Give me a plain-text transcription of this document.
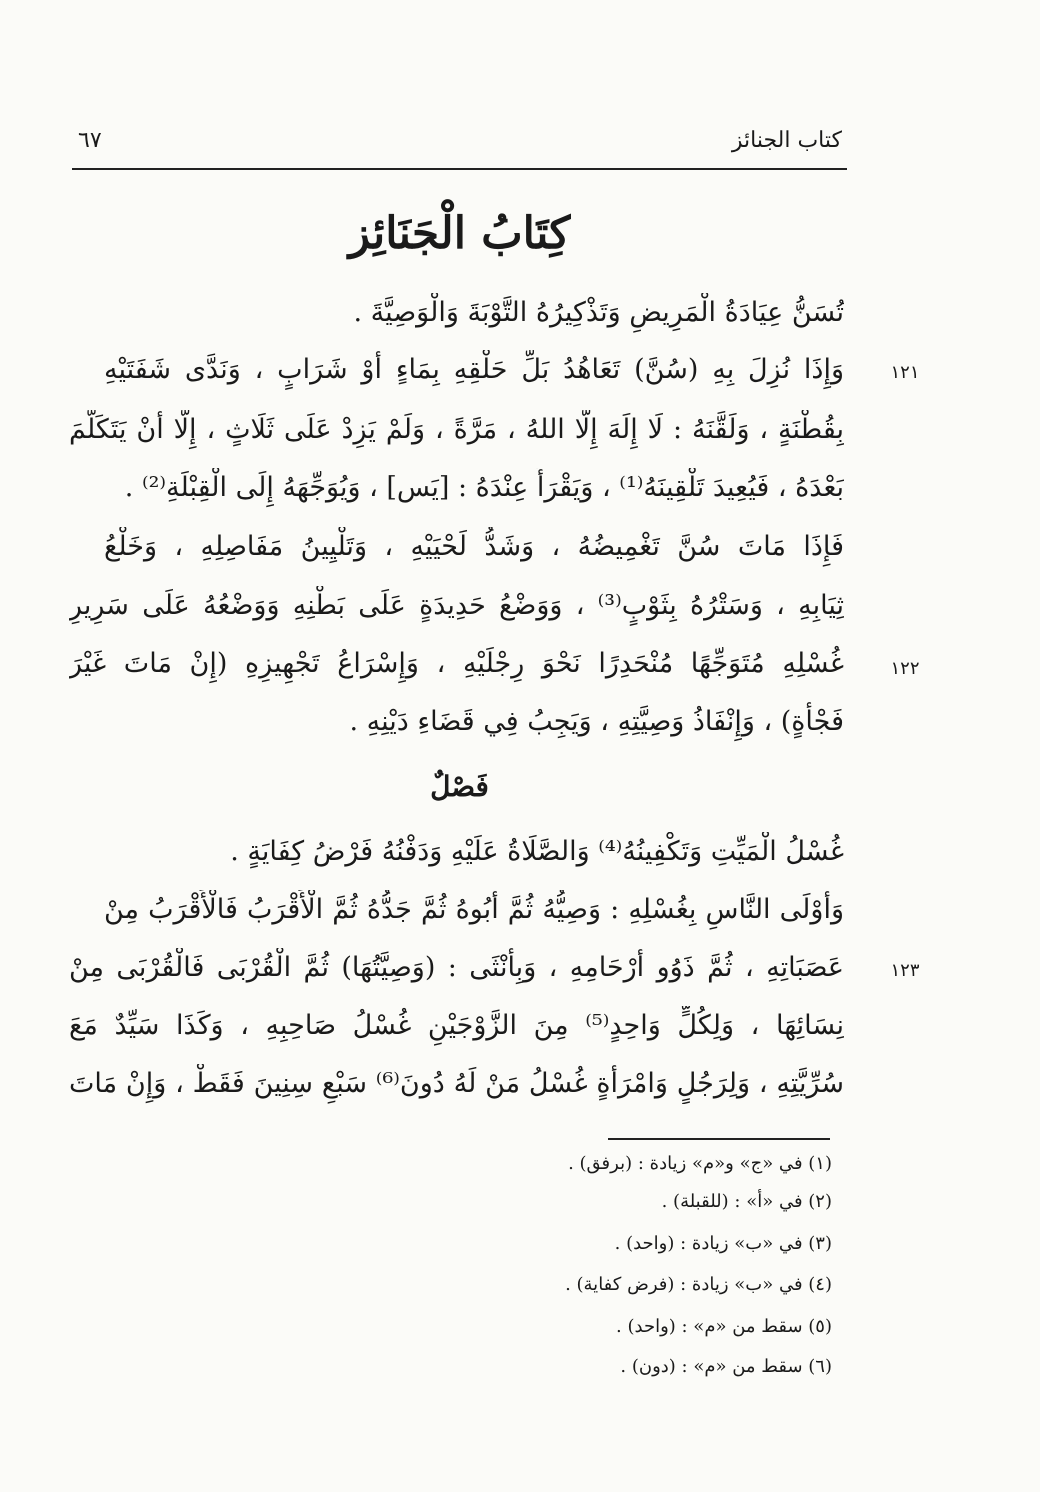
كتاب الجنائز
٦٧
كِتَابُ الْجَنَائِز
تُسَنُّ عِيَادَةُ الْمَرِيضِ وَتَذْكِيرُهُ التَّوْبَةَ وَالْوَصِيَّةَ .
وَإِذَا نُزِلَ بِهِ (سُنَّ) تَعَاهُدُ بَلِّ حَلْقِهِ بِمَاءٍ أَوْ شَرَابٍ ، وَنَدَّى شَفَتَيْهِ
بِقُطْنَةٍ ، وَلَقَّنَهُ : لَا إِلَهَ إِلَّا اللهُ ، مَرَّةً ، وَلَمْ يَزِدْ عَلَى ثَلَاثٍ ، إِلَّا أَنْ يَتَكَلَّمَ
بَعْدَهُ ، فَيُعِيدَ تَلْقِينَهُ⁽¹⁾ ، وَيَقْرَأُ عِنْدَهُ : [يَس] ، وَيُوَجِّهَهُ إِلَى الْقِبْلَةِ⁽²⁾ .
فَإِذَا مَاتَ سُنَّ تَغْمِيضُهُ ، وَشَدُّ لَحْيَيْهِ ، وَتَلْيِينُ مَفَاصِلِهِ ، وَخَلْعُ
ثِيَابِهِ ، وَسَتْرُهُ بِثَوْبٍ⁽³⁾ ، وَوَضْعُ حَدِيدَةٍ عَلَى بَطْنِهِ وَوَضْعُهُ عَلَى سَرِيرِ
غُسْلِهِ مُتَوَجِّهًا مُنْحَدِرًا نَحْوَ رِجْلَيْهِ ، وَإِسْرَاعُ تَجْهِيزِهِ (إِنْ مَاتَ غَيْرَ
فَجْأَةٍ) ، وَإِنْفَاذُ وَصِيَّتِهِ ، وَيَجِبُ فِي قَضَاءِ دَيْنِهِ .
فَصْلٌ
غُسْلُ الْمَيِّتِ وَتَكْفِينُهُ⁽⁴⁾ وَالصَّلَاةُ عَلَيْهِ وَدَفْنُهُ فَرْضُ كِفَايَةٍ .
وَأَوْلَى النَّاسِ بِغُسْلِهِ : وَصِيُّهُ ثُمَّ أَبُوهُ ثُمَّ جَدُّهُ ثُمَّ الْأَقْرَبُ فَالْأَقْرَبُ مِنْ
عَصَبَاتِهِ ، ثُمَّ ذَوُو أَرْحَامِهِ ، وَبِأُنْثَى : (وَصِيَّتُهَا) ثُمَّ الْقُرْبَى فَالْقُرْبَى مِنْ
نِسَائِهَا ، وَلِكُلٍّ وَاحِدٍ⁽⁵⁾ مِنَ الزَّوْجَيْنِ غُسْلُ صَاحِبِهِ ، وَكَذَا سَيِّدٌ مَعَ
سُرِّيَّتِهِ ، وَلِرَجُلٍ وَامْرَأَةٍ غُسْلُ مَنْ لَهُ دُونَ⁽⁶⁾ سَبْعِ سِنِينَ فَقَطْ ، وَإِنْ مَاتَ
١٢١
١٢٢
١٢٣
(١) في «ج» و«م» زيادة : (برفق) .
(٢) في «أ» : (للقبلة) .
(٣) في «ب» زيادة : (واحد) .
(٤) في «ب» زيادة : (فرض كفاية) .
(٥) سقط من «م» : (واحد) .
(٦) سقط من «م» : (دون) .
